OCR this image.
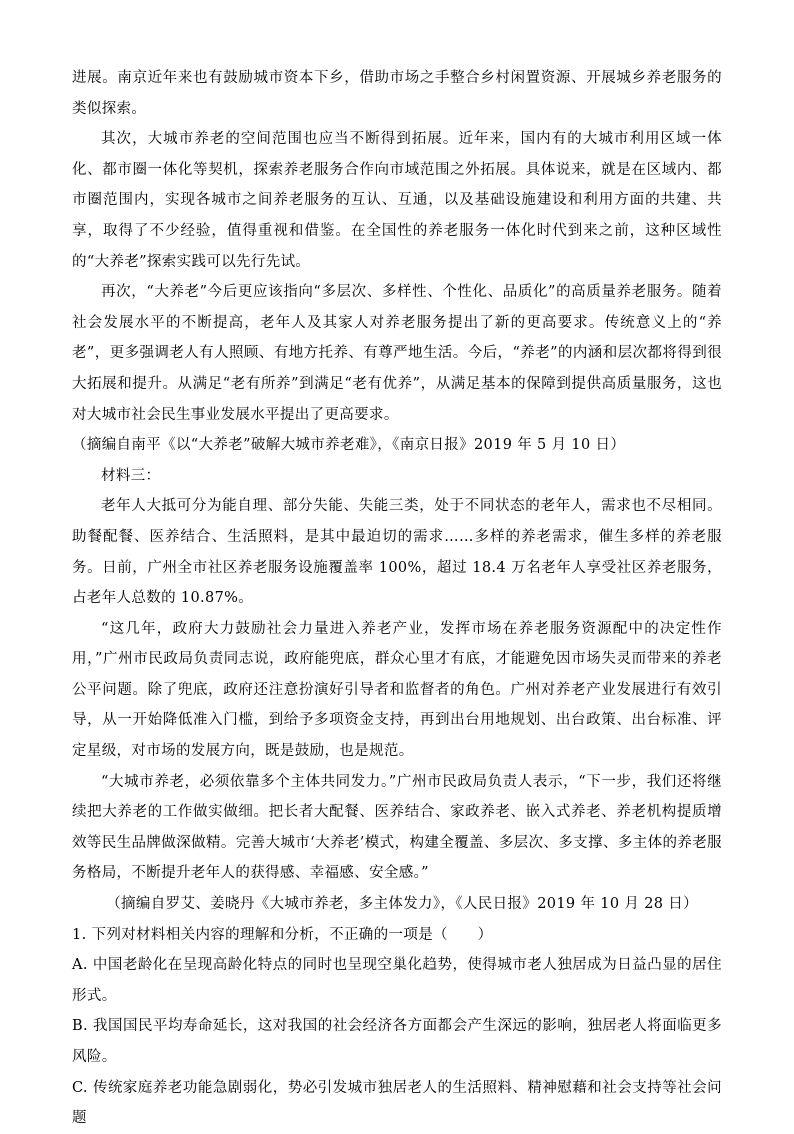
进展。南京近年来也有鼓励城市资本下乡，借助市场之手整合乡村闲置资源、开展城乡养老服务的类似探索。

其次，大城市养老的空间范围也应当不断得到拓展。近年来，国内有的大城市利用区域一体化、都市圈一体化等契机，探索养老服务合作向市域范围之外拓展。具体说来，就是在区域内、都市圈范围内，实现各城市之间养老服务的互认、互通，以及基础设施建设和利用方面的共建、共享，取得了不少经验，值得重视和借鉴。在全国性的养老服务一体化时代到来之前，这种区域性的“大养老”探索实践可以先行先试。

再次，“大养老”今后更应该指向“多层次、多样性、个性化、品质化”的高质量养老服务。随着社会发展水平的不断提高，老年人及其家人对养老服务提出了新的更高要求。传统意义上的“养老”，更多强调老人有人照顾、有地方托养、有尊严地生活。今后，“养老”的内涵和层次都将得到很大拓展和提升。从满足“老有所养”到满足“老有优养”，从满足基本的保障到提供高质量服务，这也对大城市社会民生事业发展水平提出了更高要求。

（摘编自南平《以“大养老”破解大城市养老难》，《南京日报》2019 年 5 月 10 日）

材料三：

老年人大抵可分为能自理、部分失能、失能三类，处于不同状态的老年人，需求也不尽相同。助餐配餐、医养结合、生活照料，是其中最迫切的需求……多样的养老需求，催生多样的养老服务。日前，广州全市社区养老服务设施覆盖率 100%，超过 18.4 万名老年人享受社区养老服务，占老年人总数的 10.87%。

“这几年，政府大力鼓励社会力量进入养老产业，发挥市场在养老服务资源配中的决定性作用，”广州市民政局负责同志说，政府能兜底，群众心里才有底，才能避免因市场失灵而带来的养老公平问题。除了兜底，政府还注意扮演好引导者和监督者的角色。广州对养老产业发展进行有效引导，从一开始降低准入门槛，到给予多项资金支持，再到出台用地规划、出台政策、出台标准、评定星级，对市场的发展方向，既是鼓励，也是规范。

“大城市养老，必须依靠多个主体共同发力。”广州市民政局负责人表示，“下一步，我们还将继续把大养老的工作做实做细。把长者大配餐、医养结合、家政养老、嵌入式养老、养老机构提质增效等民生品牌做深做精。完善大城市‘大养老’模式，构建全覆盖、多层次、多支撑、多主体的养老服务格局，不断提升老年人的获得感、幸福感、安全感。”

（摘编自罗艾、姜晓丹《大城市养老，多主体发力》，《人民日报》2019 年 10 月 28 日）

1. 下列对材料相关内容的理解和分析，不正确的一项是（　　）

A. 中国老龄化在呈现高龄化特点的同时也呈现空巢化趋势，使得城市老人独居成为日益凸显的居住形式。

B. 我国国民平均寿命延长，这对我国的社会经济各方面都会产生深远的影响，独居老人将面临更多风险。

C. 传统家庭养老功能急剧弱化，势必引发城市独居老人的生活照料、精神慰藉和社会支持等社会问题
